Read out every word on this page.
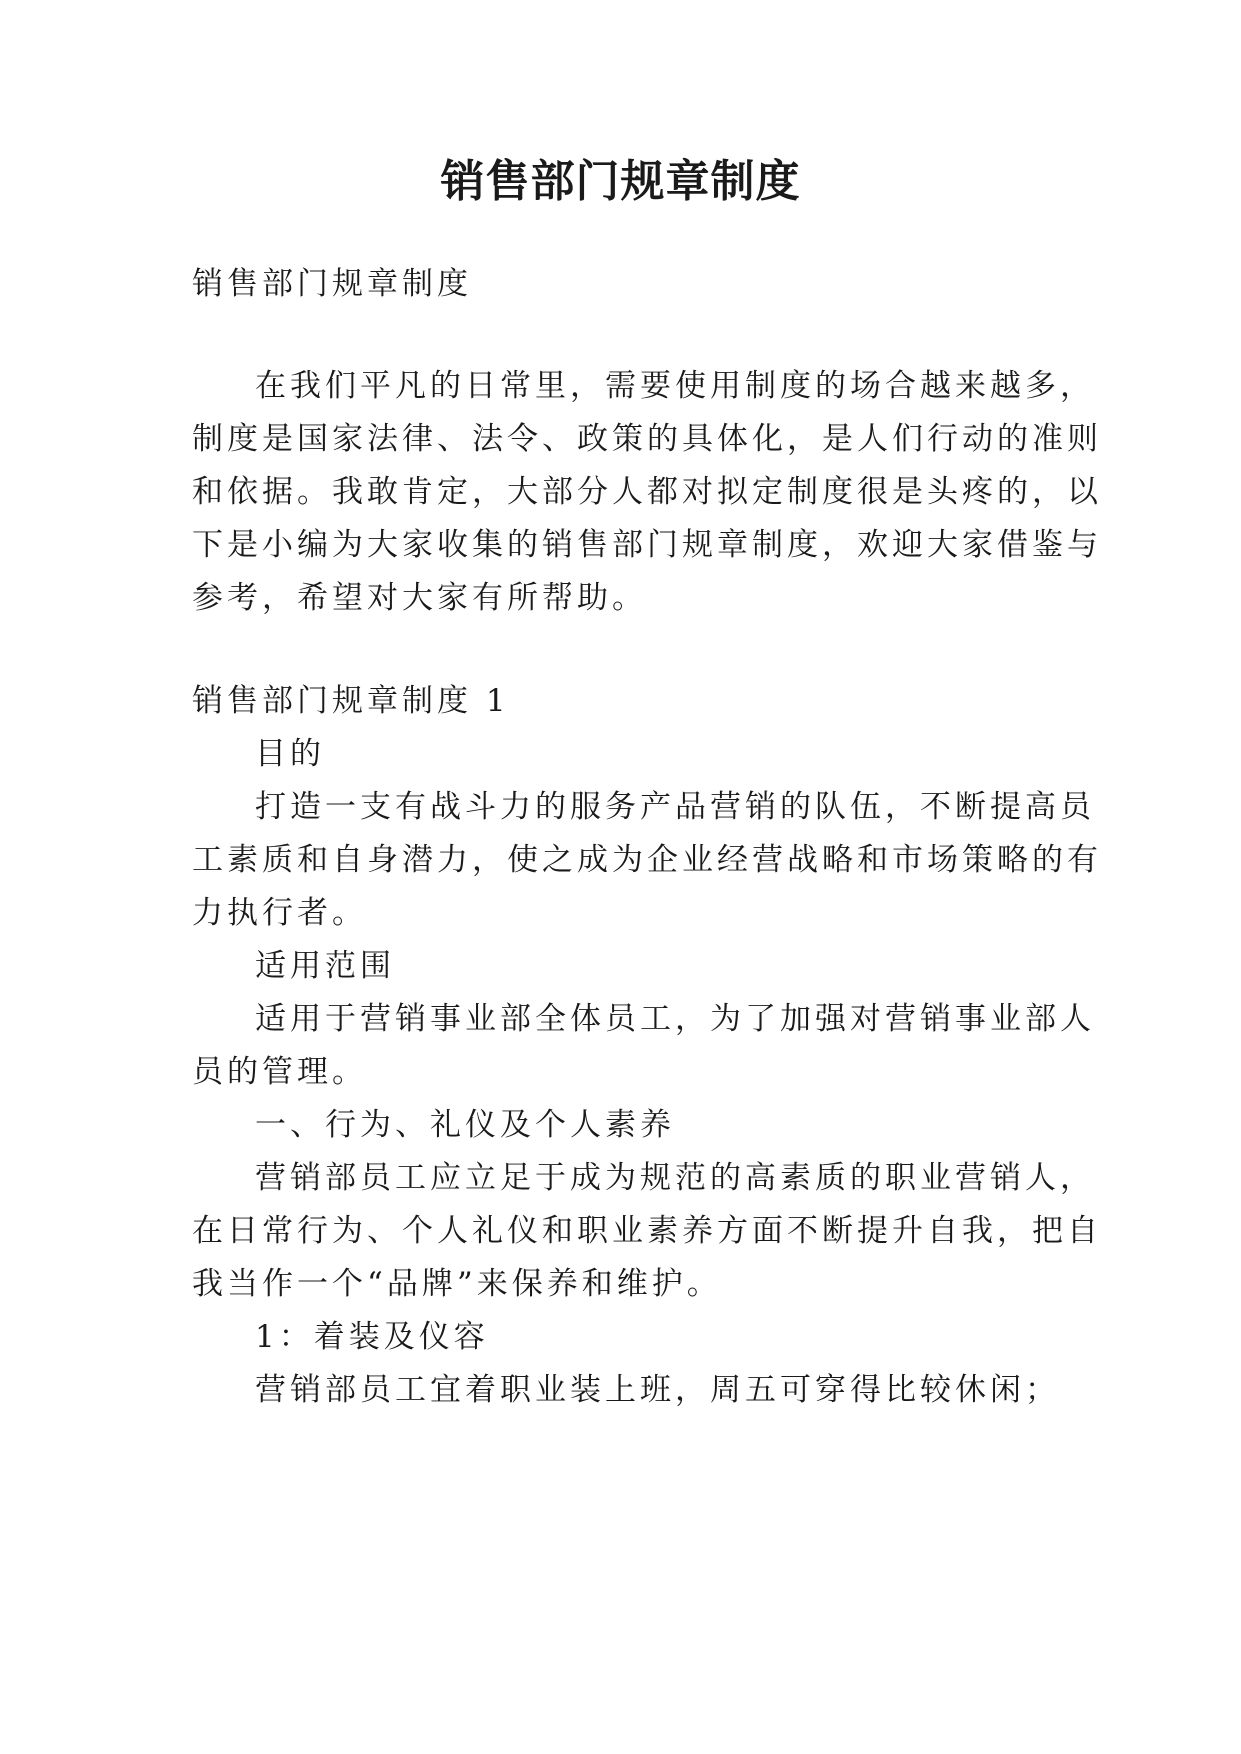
销售部门规章制度

销售部门规章制度

在我们平凡的日常里，需要使用制度的场合越来越多，

制度是国家法律、法令、政策的具体化，是人们行动的准则

和依据。我敢肯定，大部分人都对拟定制度很是头疼的，以

下是小编为大家收集的销售部门规章制度，欢迎大家借鉴与

参考，希望对大家有所帮助。

销售部门规章制度 1

目的

打造一支有战斗力的服务产品营销的队伍，不断提高员

工素质和自身潜力，使之成为企业经营战略和市场策略的有

力执行者。

适用范围

适用于营销事业部全体员工，为了加强对营销事业部人

员的管理。

一、行为、礼仪及个人素养

营销部员工应立足于成为规范的高素质的职业营销人，

在日常行为、个人礼仪和职业素养方面不断提升自我，把自

我当作一个“品牌”来保养和维护。

1：着装及仪容

营销部员工宜着职业装上班，周五可穿得比较休闲；
